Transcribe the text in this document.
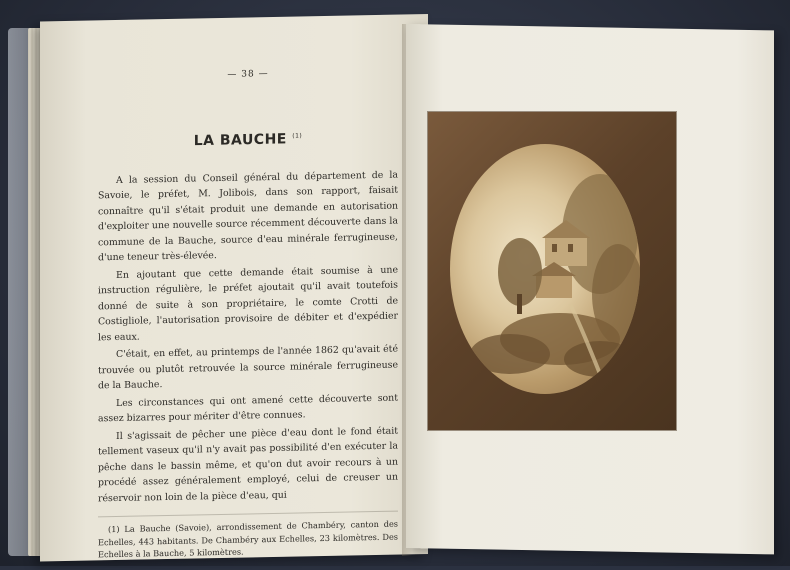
— 38 —
LA BAUCHE $^{(1)}$

A la session du Conseil général du département de la Savoie, le préfet, M. Jolibois, dans son rapport, faisait connaître qu'il s'était produit une demande en autorisation d'exploiter une nouvelle source récemment découverte dans la commune de la Bauche, source d'eau minérale ferrugineuse, d'une teneur très-élevée.

En ajoutant que cette demande était soumise à une instruction régulière, le préfet ajoutait qu'il avait toutefois donné de suite à son propriétaire, le comte Crotti de Costigliole, l'autorisation provisoire de débiter et d'expédier les eaux.

C'était, en effet, au printemps de l'année 1862 qu'avait été trouvée ou plutôt retrouvée la source minérale ferrugineuse de la Bauche.

Les circonstances qui ont amené cette découverte sont assez bizarres pour mériter d'être connues.

Il s'agissait de pêcher une pièce d'eau dont le fond était tellement vaseux qu'il n'y avait pas possibilité d'en exécuter la pêche dans le bassin même, et qu'on dut avoir recours à un procédé assez généralement employé, celui de creuser un réservoir non loin de la pièce d'eau, qui

(1) La Bauche (Savoie), arrondissement de Chambéry, canton des Echelles, 443 habitants. De Chambéry aux Echelles, 23 kilomètres. Des Echelles à la Bauche, 5 kilomètres.
